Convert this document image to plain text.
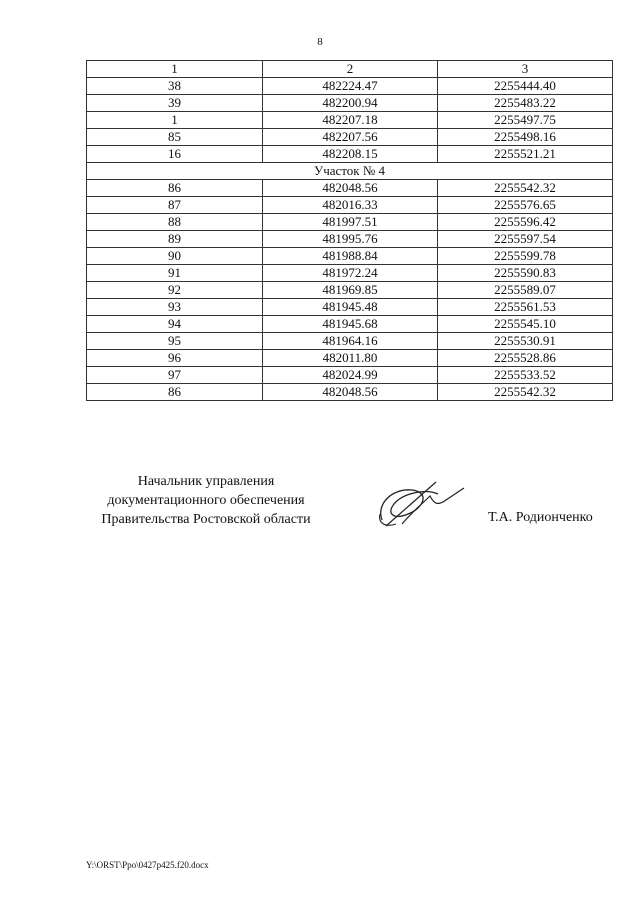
8
1	2	3
38	482224.47	2255444.40
39	482200.94	2255483.22
1	482207.18	2255497.75
85	482207.56	2255498.16
16	482208.15	2255521.21
Участок № 4		
86	482048.56	2255542.32
87	482016.33	2255576.65
88	481997.51	2255596.42
89	481995.76	2255597.54
90	481988.84	2255599.78
91	481972.24	2255590.83
92	481969.85	2255589.07
93	481945.48	2255561.53
94	481945.68	2255545.10
95	481964.16	2255530.91
96	482011.80	2255528.86
97	482024.99	2255533.52
86	482048.56	2255542.32
Начальник управления
документационного обеспечения
Правительства Ростовской области	Т.А. Родионченко
Y:\ORST\Ppo\0427p425.f20.docx
